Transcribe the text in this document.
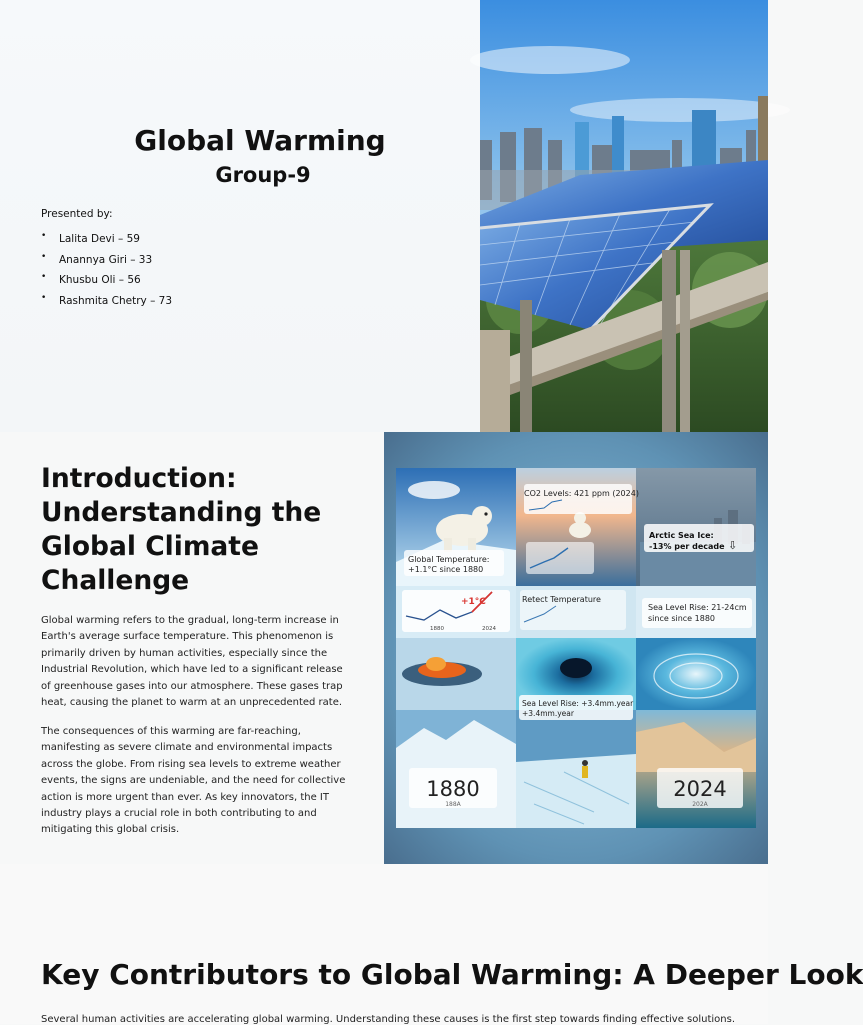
Global Warming
Group-9
Presented by:
• Lalita Devi – 59
• Anannya Giri – 33
• Khusbu Oli – 56
• Rashmita Chetry – 73
Introduction: Understanding the Global Climate Challenge

Global warming refers to the gradual, long-term increase in Earth's average surface temperature. This phenomenon is primarily driven by human activities, especially since the Industrial Revolution, which have led to a significant release of greenhouse gases into our atmosphere. These gases trap heat, causing the planet to warm at an unprecedented rate.

The consequences of this warming are far-reaching, manifesting as severe climate and environmental impacts across the globe. From rising sea levels to extreme weather events, the signs are undeniable, and the need for collective action is more urgent than ever. As key innovators, the IT industry plays a crucial role in both contributing to and mitigating this global crisis.

Global Temperature:
+1.1°C since 1880
CO2 Levels: 421 ppm (2024)
Arctic Sea Ice:
-13% per decade ⇩
+1°C
1880	2024
Retect Temperature
Sea Level Rise: 21-24cm
since since 1880
Sea Level Rise: +3.4mm.year
+3.4mm.year
1880
188A
2024
202A
Key Contributors to Global Warming: A Deeper Look

Several human activities are accelerating global warming. Understanding these causes is the first step towards finding effective solutions.
